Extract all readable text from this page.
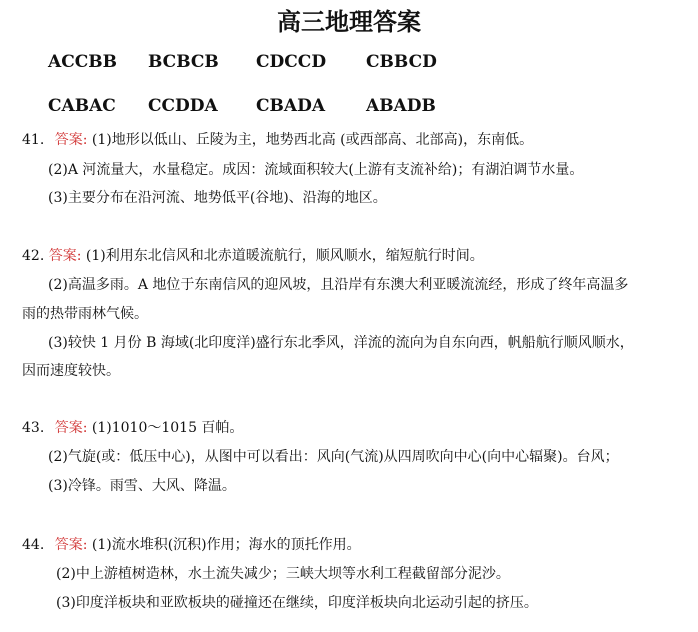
高三地理答案
ACCBB BCBCB CDCCD CBBCD
CABAC CCDDA CBADA ABADB
41. 答案: (1)地形以低山、丘陵为主，地势西北高 (或西部高、北部高)，东南低。
(2)A 河流量大，水量稳定。成因：流域面积较大(上游有支流补给)；有湖泊调节水量。
(3)主要分布在沿河流、地势低平(谷地)、沿海的地区。
42. 答案: (1)利用东北信风和北赤道暖流航行，顺风顺水，缩短航行时间。
(2)高温多雨。A 地位于东南信风的迎风坡，且沿岸有东澳大利亚暖流流经，形成了终年高温多
雨的热带雨林气候。
(3)较快 1 月份 B 海域(北印度洋)盛行东北季风，洋流的流向为自东向西，帆船航行顺风顺水，
因而速度较快。
43. 答案: (1)1010～1015 百帕。
(2)气旋(或：低压中心)，从图中可以看出：风向(气流)从四周吹向中心(向中心辐聚)。台风；
(3)冷锋。雨雪、大风、降温。
44. 答案: (1)流水堆积(沉积)作用；海水的顶托作用。
(2)中上游植树造林，水土流失减少；三峡大坝等水利工程截留部分泥沙。
(3)印度洋板块和亚欧板块的碰撞还在继续，印度洋板块向北运动引起的挤压。
